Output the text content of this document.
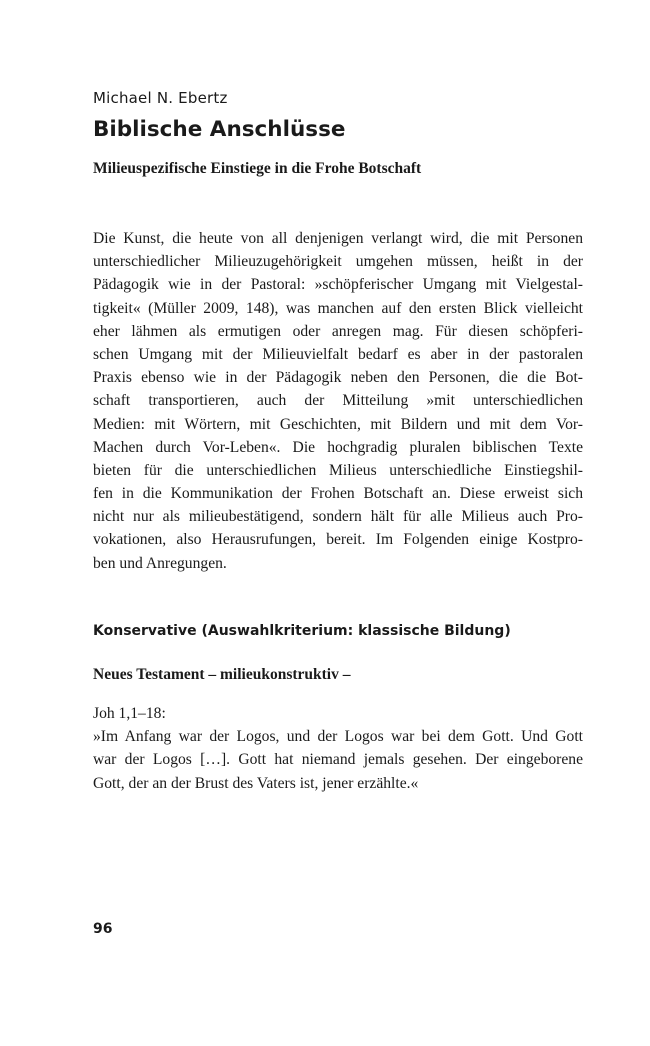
Michael N. Ebertz
Biblische Anschlüsse
Milieuspezifische Einstiege in die Frohe Botschaft
Die Kunst, die heute von all denjenigen verlangt wird, die mit Personen
unterschiedlicher Milieuzugehörigkeit umgehen müssen, heißt in der
Pädagogik wie in der Pastoral: »schöpferischer Umgang mit Vielgestal-
tigkeit« (Müller 2009, 148), was manchen auf den ersten Blick vielleicht
eher lähmen als ermutigen oder anregen mag. Für diesen schöpferi-
schen Umgang mit der Milieuvielfalt bedarf es aber in der pastoralen
Praxis ebenso wie in der Pädagogik neben den Personen, die die Bot-
schaft transportieren, auch der Mitteilung »mit unterschiedlichen
Medien: mit Wörtern, mit Geschichten, mit Bildern und mit dem Vor-
Machen durch Vor-Leben«. Die hochgradig pluralen biblischen Texte
bieten für die unterschiedlichen Milieus unterschiedliche Einstiegshil-
fen in die Kommunikation der Frohen Botschaft an. Diese erweist sich
nicht nur als milieubestätigend, sondern hält für alle Milieus auch Pro-
vokationen, also Herausrufungen, bereit. Im Folgenden einige Kostpro-
ben und Anregungen.
Konservative (Auswahlkriterium: klassische Bildung)
Neues Testament – milieukonstruktiv –
Joh 1,1–18:
»Im Anfang war der Logos, und der Logos war bei dem Gott. Und Gott
war der Logos […]. Gott hat niemand jemals gesehen. Der eingeborene
Gott, der an der Brust des Vaters ist, jener erzählte.«
96
